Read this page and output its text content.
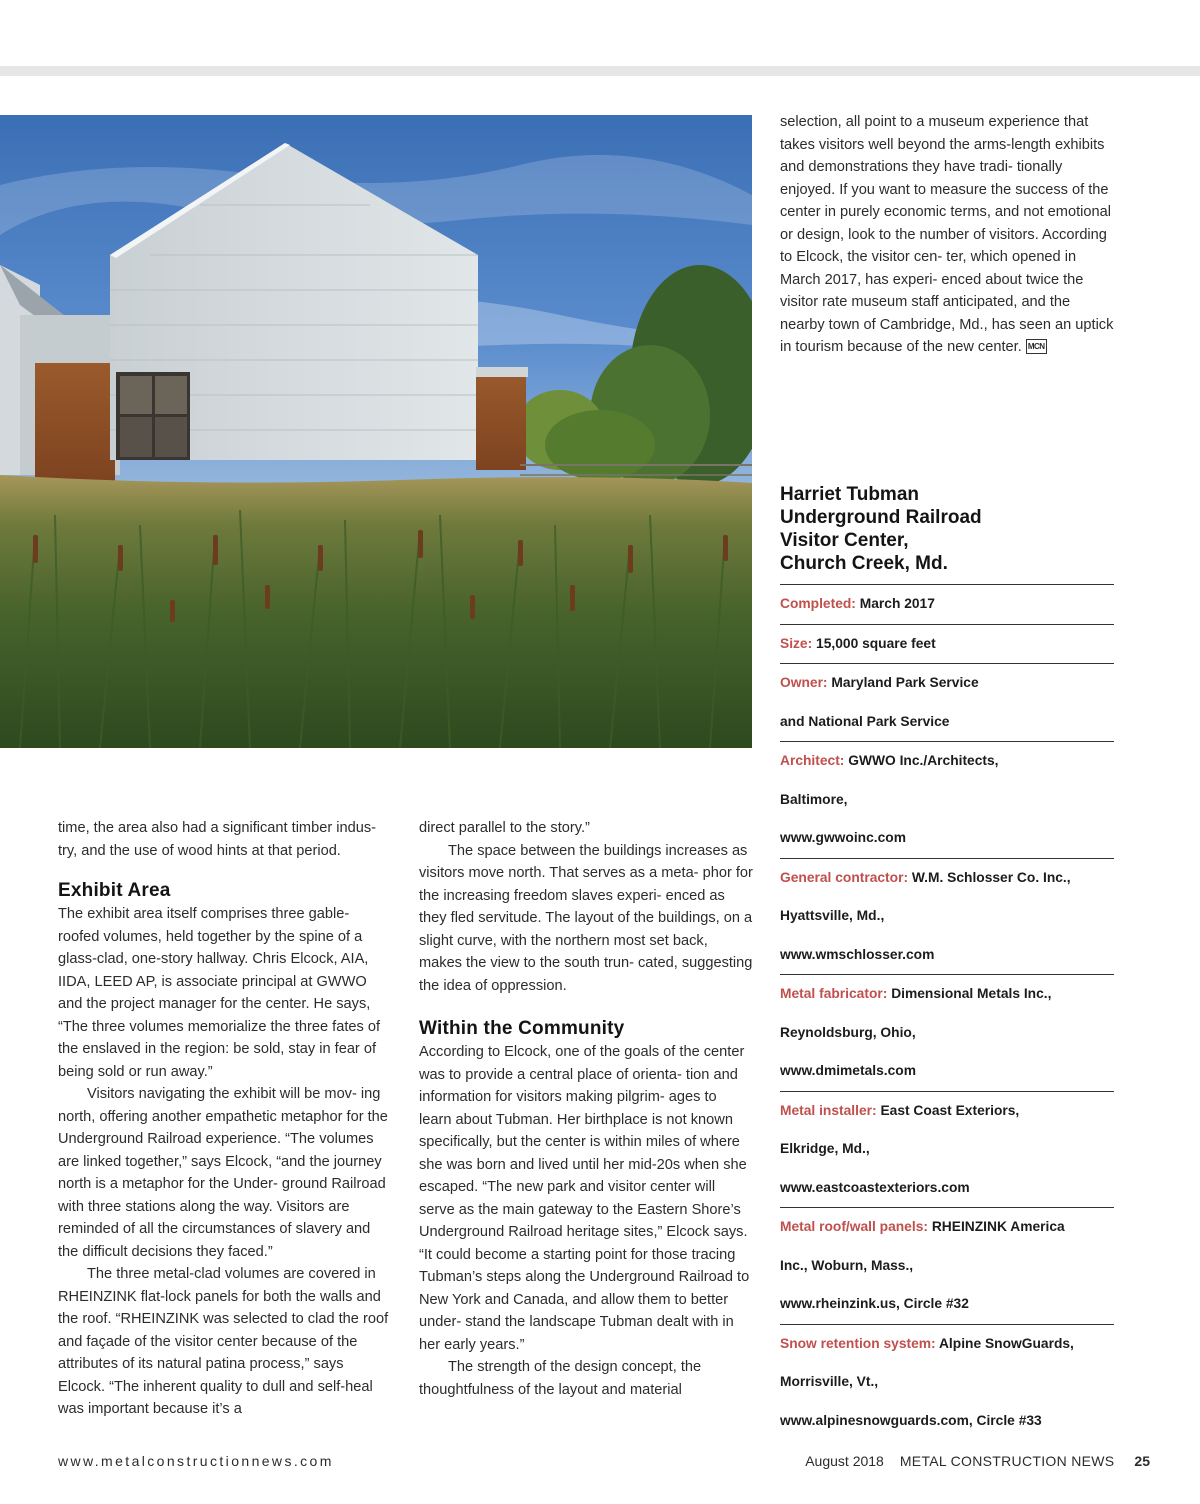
time, the area also had a significant timber indus- try, and the use of wood hints at that period.

Exhibit Area

The exhibit area itself comprises three gable- roofed volumes, held together by the spine of a glass-clad, one-story hallway. Chris Elcock, AIA, IIDA, LEED AP, is associate principal at GWWO and the project manager for the center. He says, “The three volumes memorialize the three fates of the enslaved in the region: be sold, stay in fear of being sold or run away.”

Visitors navigating the exhibit will be mov- ing north, offering another empathetic metaphor for the Underground Railroad experience. “The volumes are linked together,” says Elcock, “and the journey north is a metaphor for the Under- ground Railroad with three stations along the way. Visitors are reminded of all the circumstances of slavery and the difficult decisions they faced.”

The three metal-clad volumes are covered in RHEINZINK flat-lock panels for both the walls and the roof. “RHEINZINK was selected to clad the roof and façade of the visitor center because of the attributes of its natural patina process,” says Elcock. “The inherent quality to dull and self-heal was important because it’s a

direct parallel to the story.”

The space between the buildings increases as visitors move north. That serves as a meta- phor for the increasing freedom slaves experi- enced as they fled servitude. The layout of the buildings, on a slight curve, with the northern most set back, makes the view to the south trun- cated, suggesting the idea of oppression.

Within the Community

According to Elcock, one of the goals of the center was to provide a central place of orienta- tion and information for visitors making pilgrim- ages to learn about Tubman. Her birthplace is not known specifically, but the center is within miles of where she was born and lived until her mid-20s when she escaped. “The new park and visitor center will serve as the main gateway to the Eastern Shore’s Underground Railroad heritage sites,” Elcock says. “It could become a starting point for those tracing Tubman’s steps along the Underground Railroad to New York and Canada, and allow them to better under- stand the landscape Tubman dealt with in her early years.”

The strength of the design concept, the thoughtfulness of the layout and material

selection, all point to a museum experience that takes visitors well beyond the arms-length exhibits and demonstrations they have tradi- tionally enjoyed. If you want to measure the success of the center in purely economic terms, and not emotional or design, look to the number of visitors. According to Elcock, the visitor cen- ter, which opened in March 2017, has experi- enced about twice the visitor rate museum staff anticipated, and the nearby town of Cambridge, Md., has seen an uptick in tourism because of the new center. MCN

Harriet Tubman
Underground Railroad
Visitor Center,
Church Creek, Md.
Completed: March 2017
Size: 15,000 square feet
Owner: Maryland Park Service
and National Park Service
Architect: GWWO Inc./Architects,
Baltimore,
www.gwwoinc.com
General contractor: W.M. Schlosser Co. Inc.,
Hyattsville, Md.,
www.wmschlosser.com
Metal fabricator: Dimensional Metals Inc.,
Reynoldsburg, Ohio,
www.dmimetals.com
Metal installer: East Coast Exteriors,
Elkridge, Md.,
www.eastcoastexteriors.com
Metal roof/wall panels: RHEINZINK America
Inc., Woburn, Mass.,
www.rheinzink.us, Circle #32
Snow retention system: Alpine SnowGuards,
Morrisville, Vt.,
www.alpinesnowguards.com, Circle #33
www.metalconstructionnews.com	August 2018 METAL CONSTRUCTION NEWS 25
